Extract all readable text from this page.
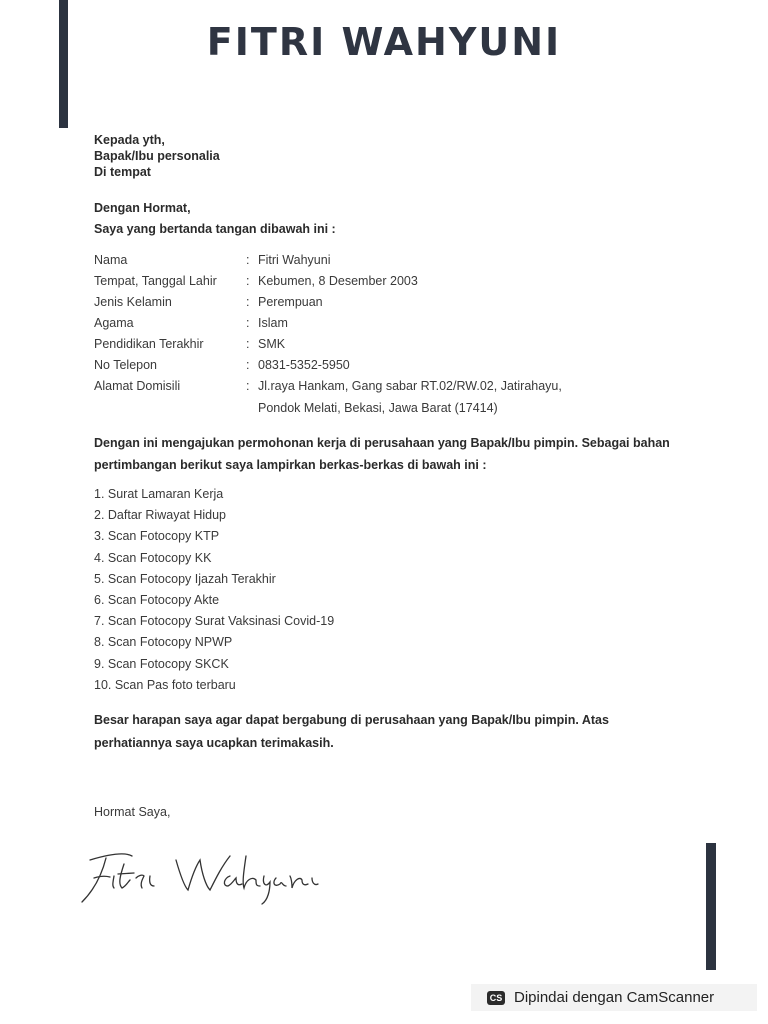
FITRI WAHYUNI
Kepada yth,
Bapak/Ibu personalia
Di tempat
Dengan Hormat,
Saya yang bertanda tangan dibawah ini :
Nama	: Fitri Wahyuni
Tempat, Tanggal Lahir : Kebumen, 8 Desember 2003
Jenis Kelamin	: Perempuan
Agama	: Islam
Pendidikan Terakhir	: SMK
No Telepon	: 0831-5352-5950
Alamat Domisili	: Jl.raya Hankam, Gang sabar RT.02/RW.02, Jatirahayu,
Pondok Melati, Bekasi, Jawa Barat (17414)
Dengan ini mengajukan permohonan kerja di perusahaan yang Bapak/Ibu pimpin. Sebagai bahan
pertimbangan berikut saya lampirkan berkas-berkas di bawah ini :
1. Surat Lamaran Kerja
2. Daftar Riwayat Hidup
3. Scan Fotocopy KTP
4. Scan Fotocopy KK
5. Scan Fotocopy Ijazah Terakhir
6. Scan Fotocopy Akte
7. Scan Fotocopy Surat Vaksinasi Covid-19
8. Scan Fotocopy NPWP
9. Scan Fotocopy SKCK
10. Scan Pas foto terbaru
Besar harapan saya agar dapat bergabung di perusahaan yang Bapak/Ibu pimpin. Atas
perhatiannya saya ucapkan terimakasih.
Hormat Saya,
CS Dipindai dengan CamScanner
